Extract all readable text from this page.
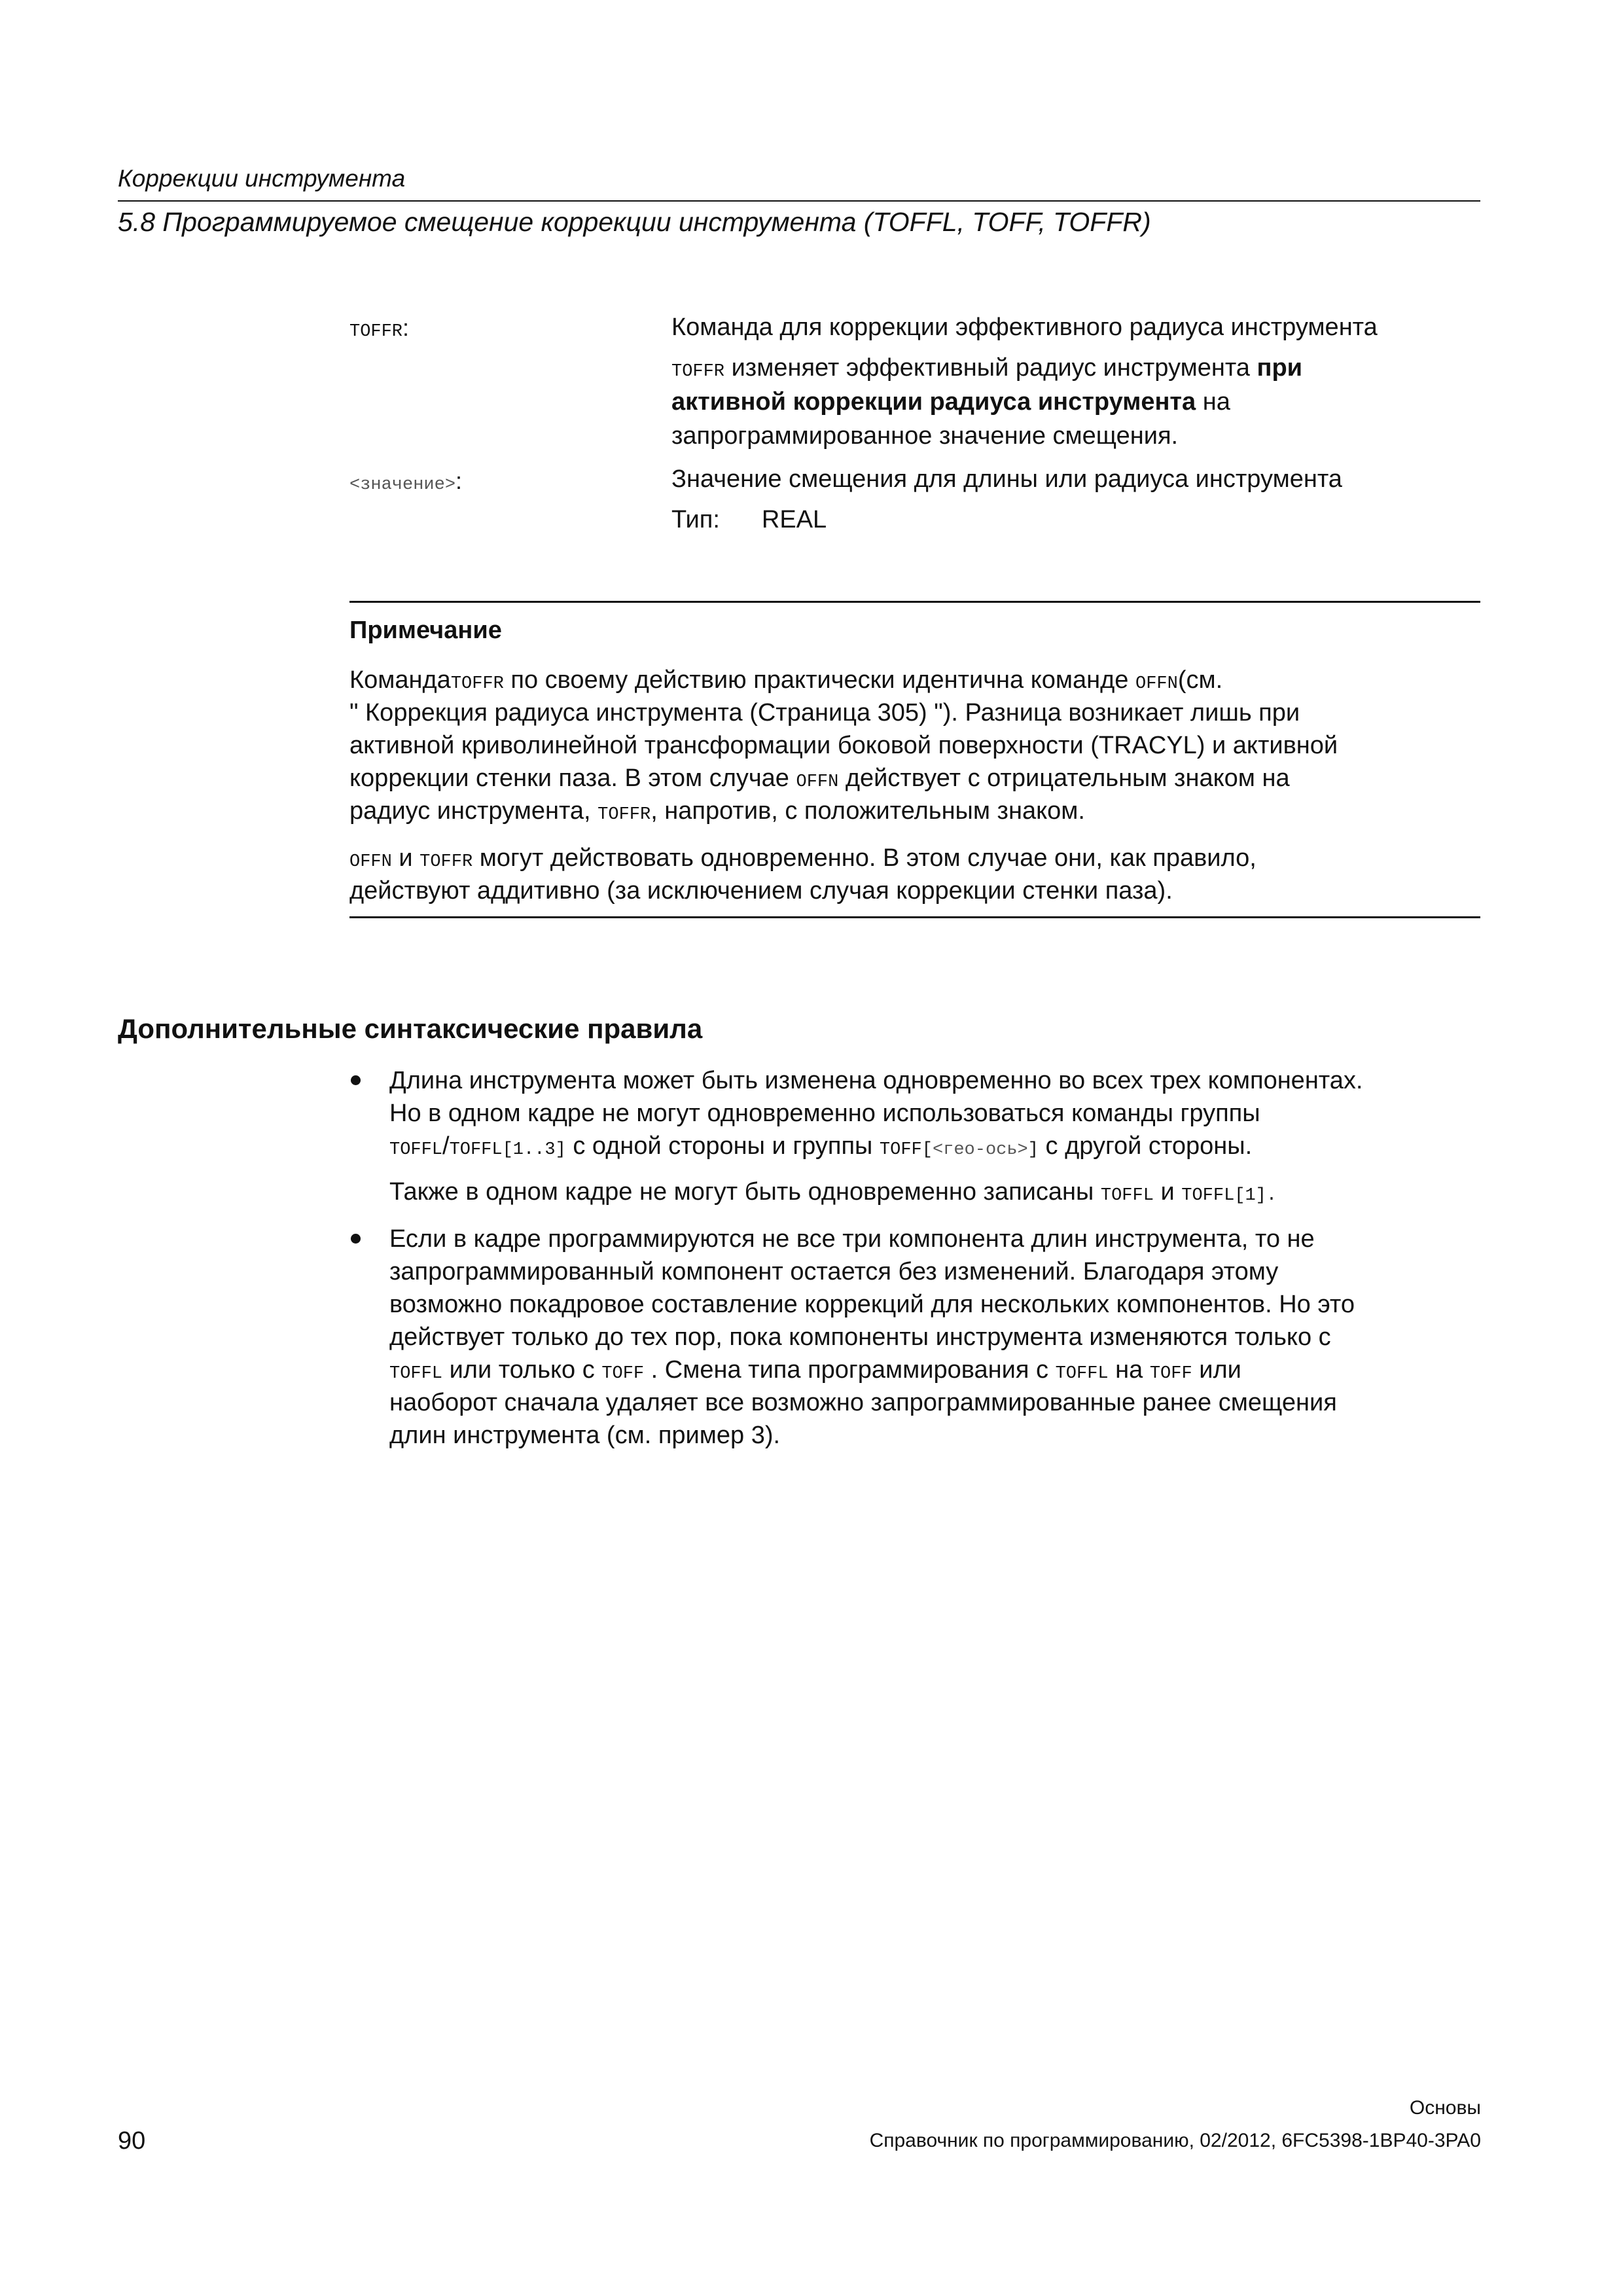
Коррекции инструмента
5.8 Программируемое смещение коррекции инструмента (TOFFL, TOFF, TOFFR)
TOFFR:	Команда для коррекции эффективного радиуса инструмента
TOFFR изменяет эффективный радиус инструмента при
активной коррекции радиуса инструмента на
запрограммированное значение смещения.
<значение>:	Значение смещения для длины или радиуса инструмента
Тип: REAL
Примечание
КомандаTOFFR по своему действию практически идентична команде OFFN(см.
" Коррекция радиуса инструмента (Страница 305) "). Разница возникает лишь при
активной криволинейной трансформации боковой поверхности (TRACYL) и активной
коррекции стенки паза. В этом случае OFFN действует с отрицательным знаком на
радиус инструмента, TOFFR, напротив, с положительным знаком.
OFFN и TOFFR могут действовать одновременно. В этом случае они, как правило,
действуют аддитивно (за исключением случая коррекции стенки паза).
Дополнительные синтаксические правила
Длина инструмента может быть изменена одновременно во всех трех компонентах.
Но в одном кадре не могут одновременно использоваться команды группы
TOFFL/TOFFL[1..3] с одной стороны и группы TOFF[<гео-ось>] с другой стороны.
Также в одном кадре не могут быть одновременно записаны TOFFL и TOFFL[1].
Если в кадре программируются не все три компонента длин инструмента, то не
запрограммированный компонент остается без изменений. Благодаря этому
возможно покадровое составление коррекций для нескольких компонентов. Но это
действует только до тех пор, пока компоненты инструмента изменяются только с
TOFFL или только с TOFF . Смена типа программирования с TOFFL на TOFF или
наоборот сначала удаляет все возможно запрограммированные ранее смещения
длин инструмента (см. пример 3).
Основы
90	Справочник по программированию, 02/2012, 6FC5398-1BP40-3PA0
